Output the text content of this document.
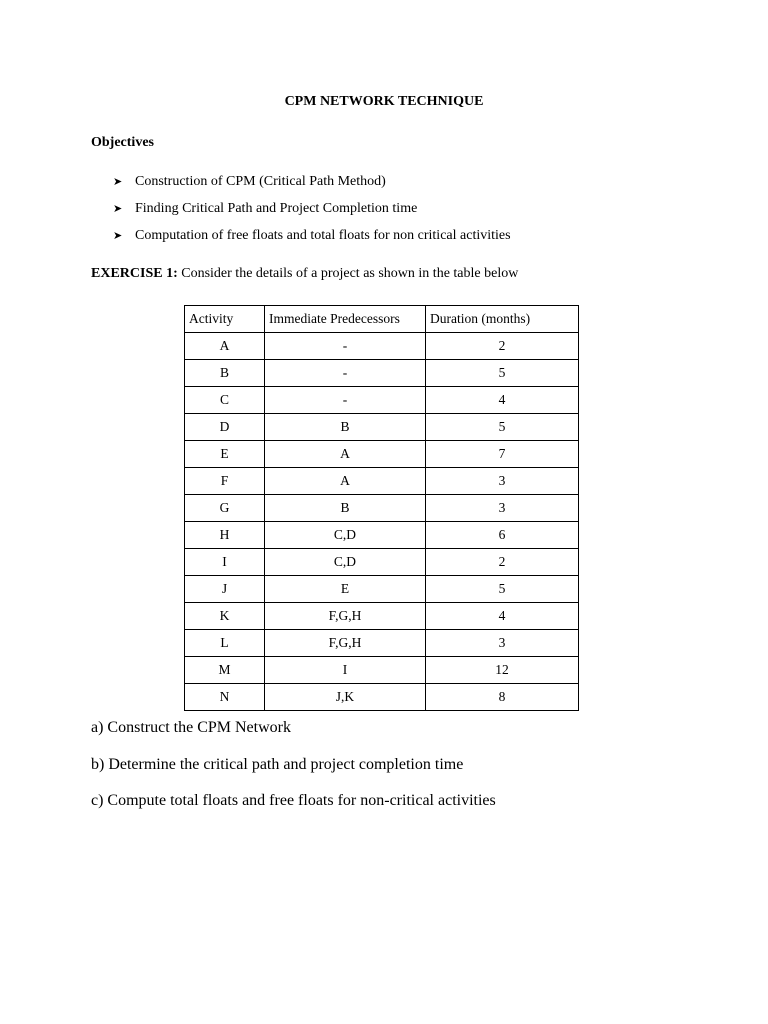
CPM NETWORK TECHNIQUE
Objectives
➤ Construction of CPM (Critical Path Method)
➤ Finding Critical Path and Project Completion time
➤ Computation of free floats and total floats for non critical activities
EXERCISE 1: Consider the details of a project as shown in the table below
Activity	Immediate Predecessors	Duration (months)
A	-	2
B	-	5
C	-	4
D	B	5
E	A	7
F	A	3
G	B	3
H	C,D	6
I	C,D	2
J	E	5
K	F,G,H	4
L	F,G,H	3
M	I	12
N	J,K	8
a) Construct the CPM Network
b) Determine the critical path and project completion time
c) Compute total floats and free floats for non-critical activities
